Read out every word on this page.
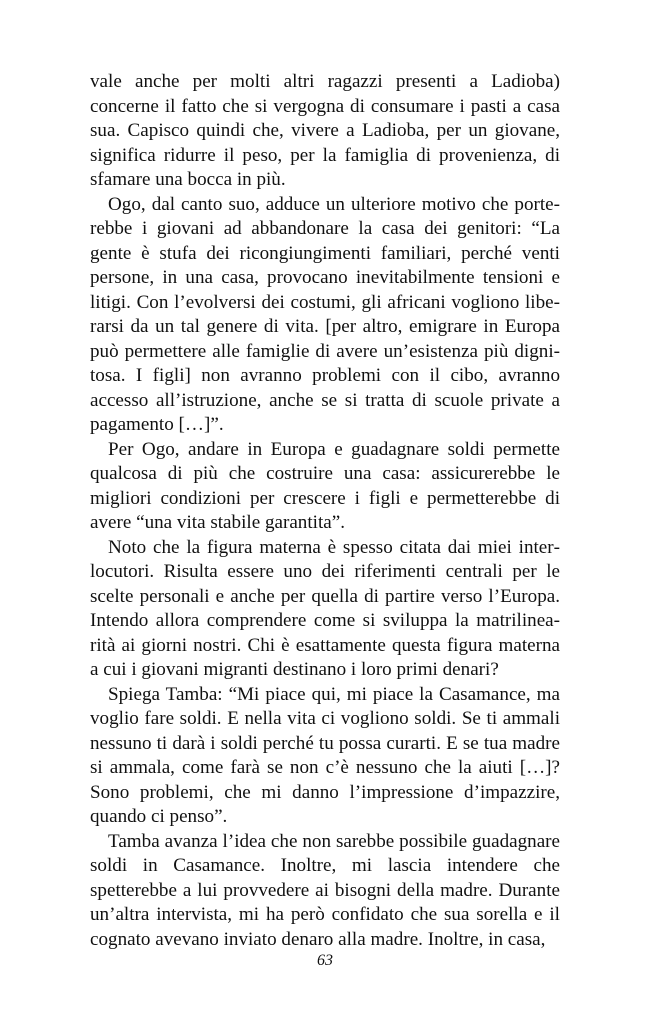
vale anche per molti altri ragazzi presenti a Ladioba) concerne il fatto che si vergogna di consumare i pasti a casa sua. Capisco quindi che, vivere a Ladioba, per un giovane, significa ridurre il peso, per la famiglia di provenienza, di sfamare una bocca in più.

Ogo, dal canto suo, adduce un ulteriore motivo che porterebbe i giovani ad abbandonare la casa dei genitori: “La gente è stufa dei ricongiungimenti familiari, perché venti persone, in una casa, provocano inevitabilmente tensioni e litigi. Con l’evolversi dei costumi, gli africani vogliono liberarsi da un tal genere di vita. [per altro, emigrare in Europa può permettere alle famiglie di avere un’esistenza più dignitosa. I figli] non avranno problemi con il cibo, avranno accesso all’istruzione, anche se si tratta di scuole private a pagamento […]”.

Per Ogo, andare in Europa e guadagnare soldi permette qualcosa di più che costruire una casa: assicurerebbe le migliori condizioni per crescere i figli e permetterebbe di avere “una vita stabile garantita”.

Noto che la figura materna è spesso citata dai miei interlocutori. Risulta essere uno dei riferimenti centrali per le scelte personali e anche per quella di partire verso l’Europa. Intendo allora comprendere come si sviluppa la matrilinearità ai giorni nostri. Chi è esattamente questa figura materna a cui i giovani migranti destinano i loro primi denari?

Spiega Tamba: “Mi piace qui, mi piace la Casamance, ma voglio fare soldi. E nella vita ci vogliono soldi. Se ti ammali nessuno ti darà i soldi perché tu possa curarti. E se tua madre si ammala, come farà se non c’è nessuno che la aiuti […]? Sono problemi, che mi danno l’impressione d’impazzire, quando ci penso”.

Tamba avanza l’idea che non sarebbe possibile guadagnare soldi in Casamance. Inoltre, mi lascia intendere che spetterebbe a lui provvedere ai bisogni della madre. Durante un’altra intervista, mi ha però confidato che sua sorella e il cognato avevano inviato denaro alla madre. Inoltre, in casa,

63
